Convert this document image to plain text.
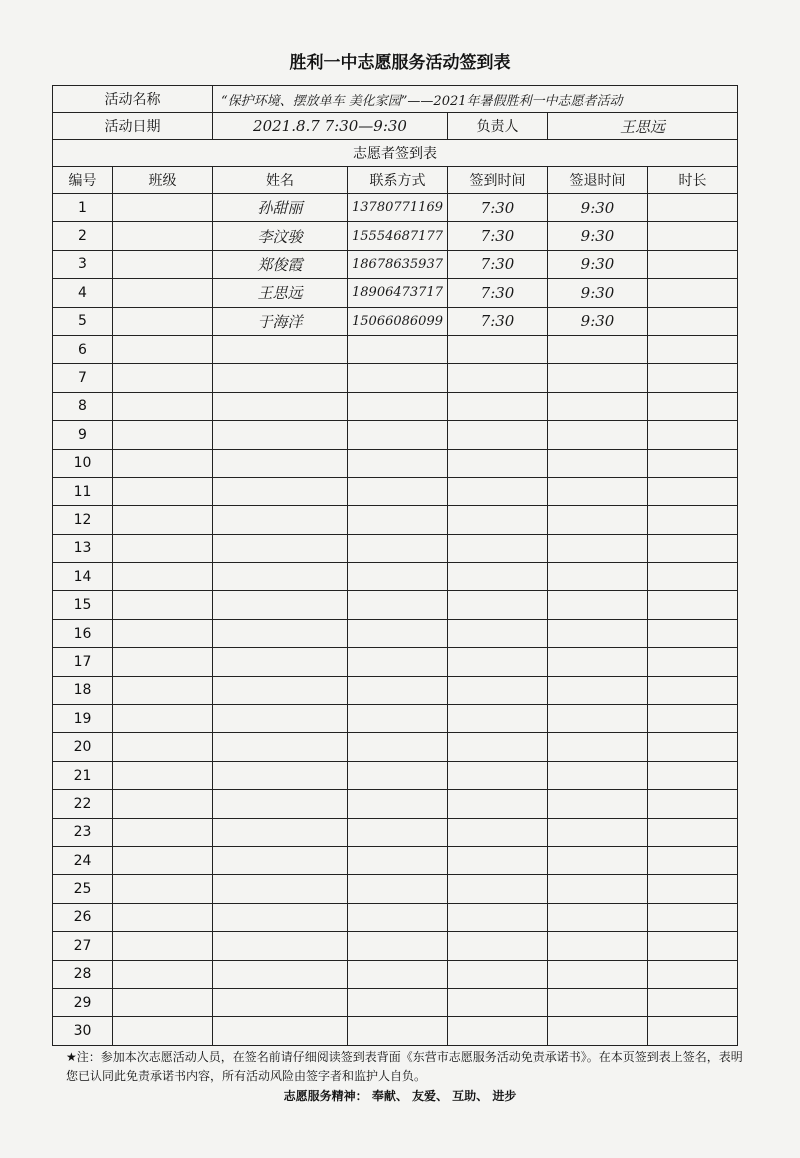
胜利一中志愿服务活动签到表
活动名称		“保护环境、摆放单车 美化家园”——2021年暑假胜利一中志愿者活动				
活动日期		2021.8.7 7:30—9:30		负责人	王思远	
志愿者签到表						
编号	班级	姓名	联系方式	签到时间	签退时间	时长
1		孙甜丽	13780771169	7:30	9:30	
2		李汶骏	15554687177	7:30	9:30	
3		郑俊霞	18678635937	7:30	9:30	
4		王思远	18906473717	7:30	9:30	
5		于海洋	15066086099	7:30	9:30	
6						
7						
8						
9						
10						
11						
12						
13						
14						
15						
16						
17						
18						
19						
20						
21						
22						
23						
24						
25						
26						
27						
28						
29						
30						
★注：参加本次志愿活动人员，在签名前请仔细阅读签到表背面《东营市志愿服务活动免责承诺书》。在本页签到表上签名，表明您已认同此免责承诺书内容，所有活动风险由签字者和监护人自负。
志愿服务精神： 奉献、 友爱、 互助、 进步
